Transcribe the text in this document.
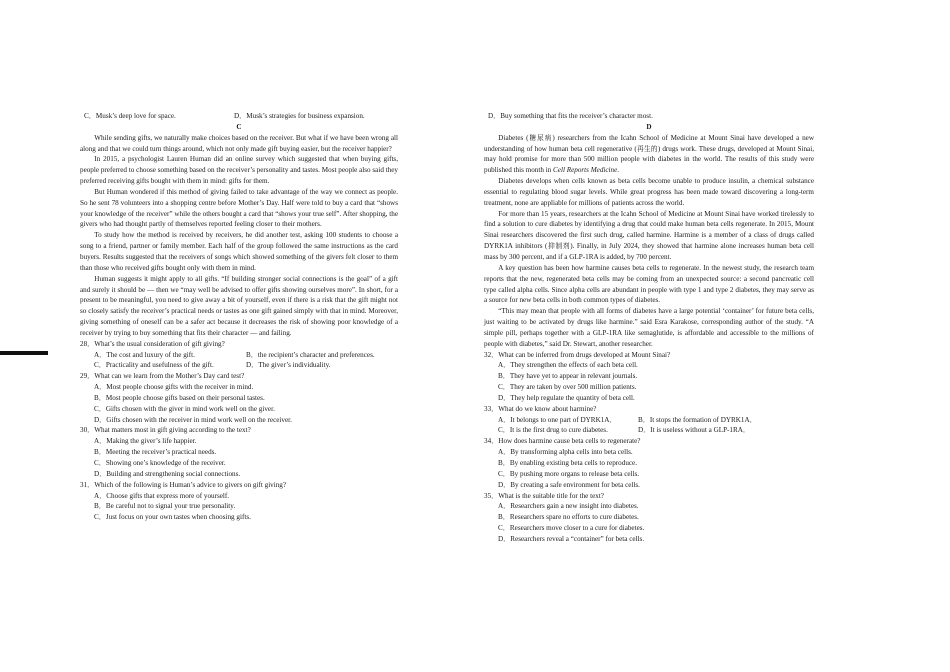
C．Musk’s deep love for space.	D．Musk’s strategies for business expansion.

C

While sending gifts, we naturally make choices based on the receiver. But what if we have been wrong all along and that we could turn things around, which not only made gift buying easier, but the receiver happier?

In 2015, a psychologist Lauren Human did an online survey which suggested that when buying gifts, people preferred to choose something based on the receiver’s personality and tastes. Most people also said they preferred receiving gifts bought with them in mind: gifts for them.

But Human wondered if this method of giving failed to take advantage of the way we connect as people. So he sent 78 volunteers into a shopping centre before Mother’s Day. Half were told to buy a card that “shows your knowledge of the receiver” while the others bought a card that “shows your true self”. After shopping, the givers who had thought partly of themselves reported feeling closer to their mothers.

To study how the method is received by receivers, he did another test, asking 100 students to choose a song to a friend, partner or family member. Each half of the group followed the same instructions as the card buyers. Results suggested that the receivers of songs which showed something of the givers felt closer to them than those who received gifts bought only with them in mind.

Human suggests it might apply to all gifts. “If building stronger social connections is the goal” of a gift and surely it should be — then we “may well be advised to offer gifts showing ourselves more”. In short, for a present to be meaningful, you need to give away a bit of yourself, even if there is a risk that the gift might not so closely satisfy the receiver’s practical needs or tastes as one gift gained simply with that in mind. Moreover, giving something of oneself can be a safer act because it decreases the risk of showing poor knowledge of a receiver by trying to buy something that fits their character — and failing.

28．What’s the usual consideration of gift giving?

A．The cost and luxury of the gift.	B．the recipient’s character and preferences.
C．Practicality and usefulness of the gift.	D．The giver’s individuality.

29．What can we learn from the Mother’s Day card test?

A．Most people choose gifts with the receiver in mind.

B．Most people choose gifts based on their personal tastes.

C．Gifts chosen with the giver in mind work well on the giver.

D．Gifts chosen with the receiver in mind work well on the receiver.

30．What matters most in gift giving according to the text?

A．Making the giver’s life happier.

B．Meeting the receiver’s practical needs.

C．Showing one’s knowledge of the receiver.

D．Building and strengthening social connections.

31．Which of the following is Human’s advice to givers on gift giving?

A．Choose gifts that express more of yourself.

B．Be careful not to signal your true personality.

C．Just focus on your own tastes when choosing gifts.

D．Buy something that fits the receiver’s character most.

D

Diabetes (糖尿病) researchers from the Icahn School of Medicine at Mount Sinai have developed a new understanding of how human beta cell regenerative (再生的) drugs work. These drugs, developed at Mount Sinai, may hold promise for more than 500 million people with diabetes in the world. The results of this study were published this month in Cell Reports Medicine.

Diabetes develops when cells known as beta cells become unable to produce insulin, a chemical substance essential to regulating blood sugar levels. While great progress has been made toward discovering a long-term treatment, none are appliable for millions of patients across the world.

For more than 15 years, researchers at the Icahn School of Medicine at Mount Sinai have worked tirelessly to find a solution to cure diabetes by identifying a drug that could make human beta cells regenerate. In 2015, Mount Sinai researchers discovered the first such drug, called harmine. Harmine is a member of a class of drugs called DYRK1A inhibitors (抑制剂). Finally, in July 2024, they showed that harmine alone increases human beta cell mass by 300 percent, and if a GLP-1RA is added, by 700 percent.

A key question has been how harmine causes beta cells to regenerate. In the newest study, the research team reports that the new, regenerated beta cells may be coming from an unexpected source: a second pancreatic cell type called alpha cells. Since alpha cells are abundant in people with type 1 and type 2 diabetes, they may serve as a source for new beta cells in both common types of diabetes.

“This may mean that people with all forms of diabetes have a large potential ‘container’ for future beta cells, just waiting to be activated by drugs like harmine.” said Esra Karakose, corresponding author of the study. “A simple pill, perhaps together with a GLP-1RA like semaglutide, is affordable and accessible to the millions of people with diabetes,” said Dr. Stewart, another researcher.

32．What can be inferred from drugs developed at Mount Sinai?

A．They strengthen the effects of each beta cell.

B．They have yet to appear in relevant journals.

C．They are taken by over 500 million patients.

D．They help regulate the quantity of beta cell.

33．What do we know about harmine?

A．It belongs to one part of DYRK1A．	B．It stops the formation of DYRK1A．
C．It is the first drug to cure diabetes.	D．It is useless without a GLP-1RA．

34．How does harmine cause beta cells to regenerate?

A．By transforming alpha cells into beta cells.

B．By enabling existing beta cells to reproduce.

C．By pushing more organs to release beta cells.

D．By creating a safe environment for beta cells.

35．What is the suitable title for the text?

A．Researchers gain a new insight into diabetes.

B．Researchers spare no efforts to cure diabetes.

C．Researchers move closer to a cure for diabetes.

D．Researchers reveal a “container” for beta cells.
